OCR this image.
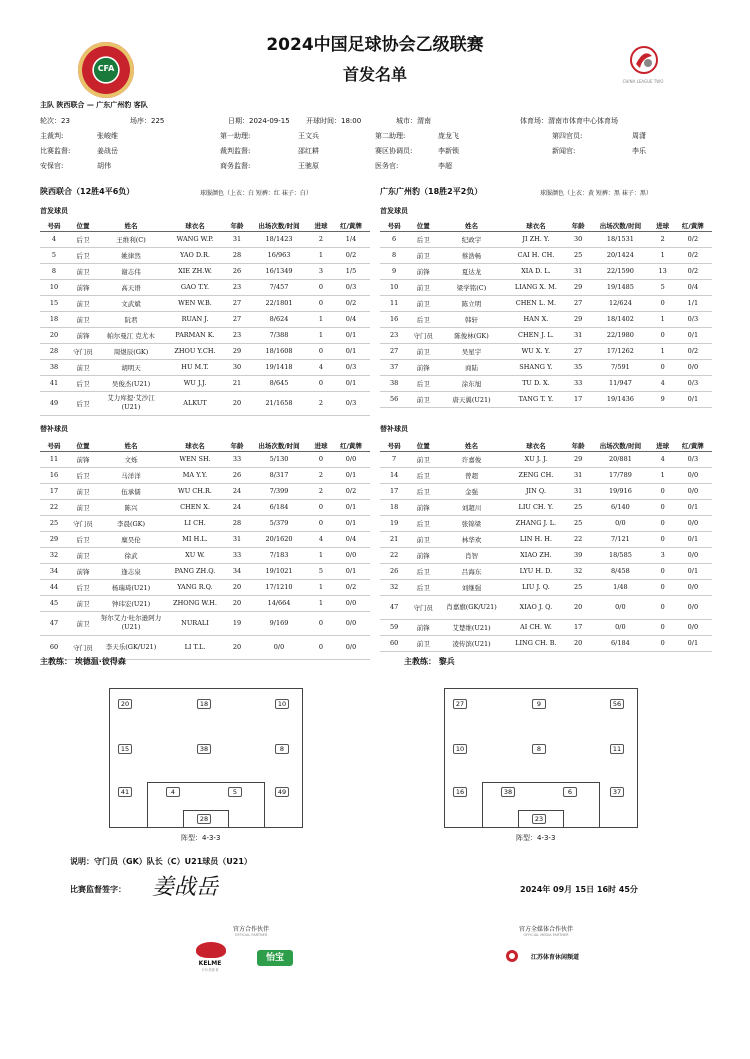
CFA
2024中国足球协会乙级联赛
首发名单	CHINA LEAGUE TWO
主队 陕西联合 — 广东广州豹 客队
轮次：23	场序：225	日期：2024-09-15 开球时间：18:00	城市：渭南	体育场：渭南市体育中心体育场
主裁判:	张峻维	第一助理:	王文兵	第二助理:	庞龙飞	第四官员:	周潇
比赛监督:	姜战岳	裁判监督:	邵红耕	赛区协调员:	李新锁	新闻官:	李乐
安保官:	胡伟	商务监督:	王驰原	医务官:	李超
陕西联合（12胜4平6负）	球服颜色（上衣：白 短裤：红 袜子：白）	广东广州豹（18胜2平2负）	球服颜色（上衣：黄 短裤：黑 袜子：黑）
首发球员	首发球员
号码	位置	姓名	球衣名	年龄	出场次数/时间	进球	红/黄牌
4	后卫	王维利(C)	WANG W.P.	31	18/1423	2	1/4
5	后卫	姚律然	YAO D.R.	28	16/963	1	0/2
8	前卫	谢志伟	XIE ZH.W.	26	16/1349	3	1/5
10	前锋	高天语	GAO T.Y.	23	7/457	0	0/3
15	前卫	文武斌	WEN W.B.	27	22/1801	0	0/2
18	前卫	阮君	RUAN J.	27	8/624	1	0/4
20	前锋	帕尔曼江 克尤木	PARMAN K.	23	7/388	1	0/1
28	守门员	周煜辰(GK)	ZHOU Y.CH.	29	18/1608	0	0/1
38	前卫	胡明天	HU M.T.	30	19/1418	4	0/3
41	后卫	吴俊杰(U21)	WU J.J.	21	8/645	0	0/1
49	后卫	艾力库提·艾沙江(U21)	ALKUT	20	21/1658	2	0/3
号码	位置	姓名	球衣名	年龄	出场次数/时间	进球	红/黄牌
6	后卫	纪政宇	JI ZH. Y.	30	18/1531	2	0/2
8	前卫	蔡浩畅	CAI H. CH.	25	20/1424	1	0/2
9	前锋	夏达龙	XIA D. L.	31	22/1590	13	0/2
10	前卫	梁学铭(C)	LIANG X. M.	29	19/1485	5	0/4
11	前卫	陈立明	CHEN L. M.	27	12/624	0	1/1
16	后卫	韩轩	HAN X.	29	18/1402	1	0/3
23	守门员	陈俊林(GK)	CHEN J. L.	31	22/1980	0	0/1
27	前卫	吴星宇	WU X. Y.	27	17/1262	1	0/2
37	前锋	商陆	SHANG Y.	35	7/591	0	0/0
38	后卫	涂东旭	TU D. X.	33	11/947	4	0/3
56	前卫	唐天翼(U21)	TANG T. Y.	17	19/1436	9	0/1
替补球员	替补球员
号码	位置	姓名	球衣名	年龄	出场次数/时间	进球	红/黄牌
11	前锋	文烁	WEN SH.	33	5/130	0	0/0
16	后卫	马洋洋	MA Y.Y.	26	8/317	2	0/1
17	前卫	伍承儒	WU CH.R.	24	7/399	2	0/2
22	前卫	陈兴	CHEN X.	24	6/184	0	0/1
25	守门员	李晨(GK)	LI CH.	28	5/379	0	0/1
29	后卫	糜昊伦	MI H.L.	31	20/1620	4	0/4
32	前卫	徐武	XU W.	33	7/183	1	0/0
34	前锋	逢志泉	PANG ZH.Q.	34	19/1021	5	0/1
44	后卫	杨瑞琦(U21)	YANG R.Q.	20	17/1210	1	0/2
45	前卫	钟玮宏(U21)	ZHONG W.H.	20	14/664	1	0/0
47	前卫	努尔艾力·吐尔逊阿力(U21)	NURALI	19	9/169	0	0/0
60	守门员	李天乐(GK/U21)	LI T.L.	20	0/0	0	0/0
号码	位置	姓名	球衣名	年龄	出场次数/时间	进球	红/黄牌
7	前卫	许嘉俊	XU J. J.	29	20/881	4	0/3
14	后卫	曾超	ZENG CH.	31	17/789	1	0/0
17	后卫	金强	JIN Q.	31	19/916	0	0/0
18	前锋	刘超川	LIU CH. Y.	25	6/140	0	0/1
19	后卫	张锦梁	ZHANG J. L.	25	0/0	0	0/0
21	前卫	林华欢	LIN H. H.	22	7/121	0	0/1
22	前锋	肖智	XIAO ZH.	39	18/585	3	0/0
26	后卫	吕海东	LYU H. D.	32	8/458	0	0/1
32	后卫	刘继强	LIU J. Q.	25	1/48	0	0/0
47	守门员	肖嘉旗(GK/U21)	XIAO J. Q.	20	0/0	0	0/0
59	前锋	艾楚维(U21)	AI CH. W.	17	0/0	0	0/0
60	前卫	凌传滨(U21)	LING CH. B.	20	6/184	0	0/1
主教练： 埃德温·彼得森	主教练： 黎兵
20	18	10
15	38	8
41	4	5	49
28
阵型：4-3-3
27	9	56
10	8	11
16	38	6	37
23
阵型：4-3-3
说明：守门员（GK）队长（C）U21球员（U21）
比赛监督签字： 姜战岳	2024年 09月 15日 16时 45分
官方合作伙伴
OFFICIAL PARTNER
KELME
卡尔美体育
怡宝
官方全媒体合作伙伴
OFFICIAL MEDIA PARTNER
江苏体育休闲频道
